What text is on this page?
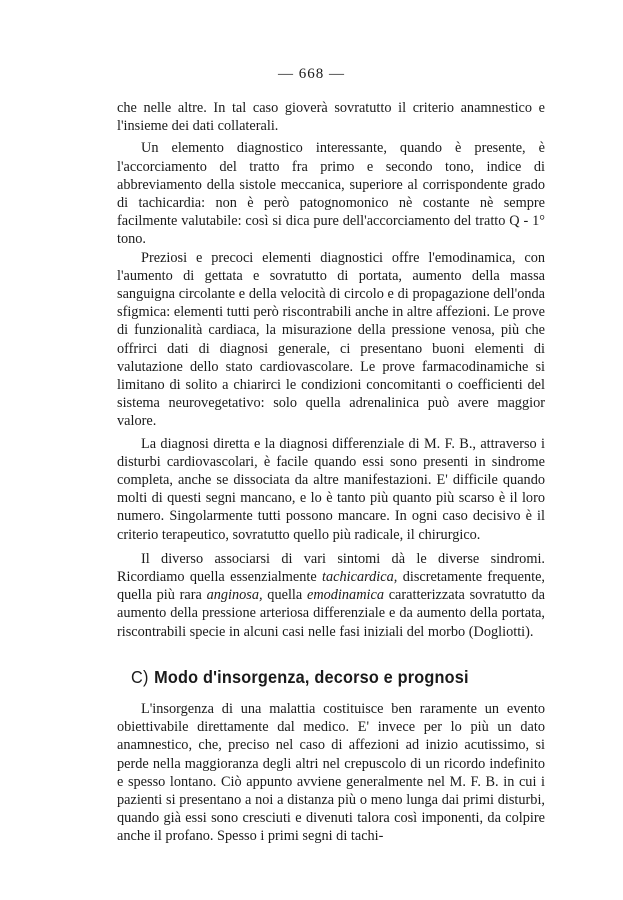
— 668 —

che nelle altre. In tal caso gioverà sovratutto il criterio anamnestico e l'insieme dei dati collaterali.

Un elemento diagnostico interessante, quando è presente, è l'accorciamento del tratto fra primo e secondo tono, indice di abbreviamento della sistole meccanica, superiore al corrispondente grado di tachicardia: non è però patognomonico nè costante nè sempre facilmente valutabile: così si dica pure dell'accorciamento del tratto Q - 1° tono.

Preziosi e precoci elementi diagnostici offre l'emodinamica, con l'aumento di gettata e sovratutto di portata, aumento della massa sanguigna circolante e della velocità di circolo e di propagazione dell'onda sfigmica: elementi tutti però riscontrabili anche in altre affezioni. Le prove di funzionalità cardiaca, la misurazione della pressione venosa, più che offrirci dati di diagnosi generale, ci presentano buoni elementi di valutazione dello stato cardiovascolare. Le prove farmacodinamiche si limitano di solito a chiarirci le condizioni concomitanti o coefficienti del sistema neurovegetativo: solo quella adrenalinica può avere maggior valore.

La diagnosi diretta e la diagnosi differenziale di M. F. B., attraverso i disturbi cardiovascolari, è facile quando essi sono presenti in sindrome completa, anche se dissociata da altre manifestazioni. E' difficile quando molti di questi segni mancano, e lo è tanto più quanto più scarso è il loro numero. Singolarmente tutti possono mancare. In ogni caso decisivo è il criterio terapeutico, sovratutto quello più radicale, il chirurgico.

Il diverso associarsi di vari sintomi dà le diverse sindromi. Ricordiamo quella essenzialmente tachicardica, discretamente frequente, quella più rara anginosa, quella emodinamica caratterizzata sovratutto da aumento della pressione arteriosa differenziale e da aumento della portata, riscontrabili specie in alcuni casi nelle fasi iniziali del morbo (Dogliotti).

C) Modo d'insorgenza, decorso e prognosi

L'insorgenza di una malattia costituisce ben raramente un evento obiettivabile direttamente dal medico. E' invece per lo più un dato anamnestico, che, preciso nel caso di affezioni ad inizio acutissimo, si perde nella maggioranza degli altri nel crepuscolo di un ricordo indefinito e spesso lontano. Ciò appunto avviene generalmente nel M. F. B. in cui i pazienti si presentano a noi a distanza più o meno lunga dai primi disturbi, quando già essi sono cresciuti e divenuti talora così imponenti, da colpire anche il profano. Spesso i primi segni di tachi-
